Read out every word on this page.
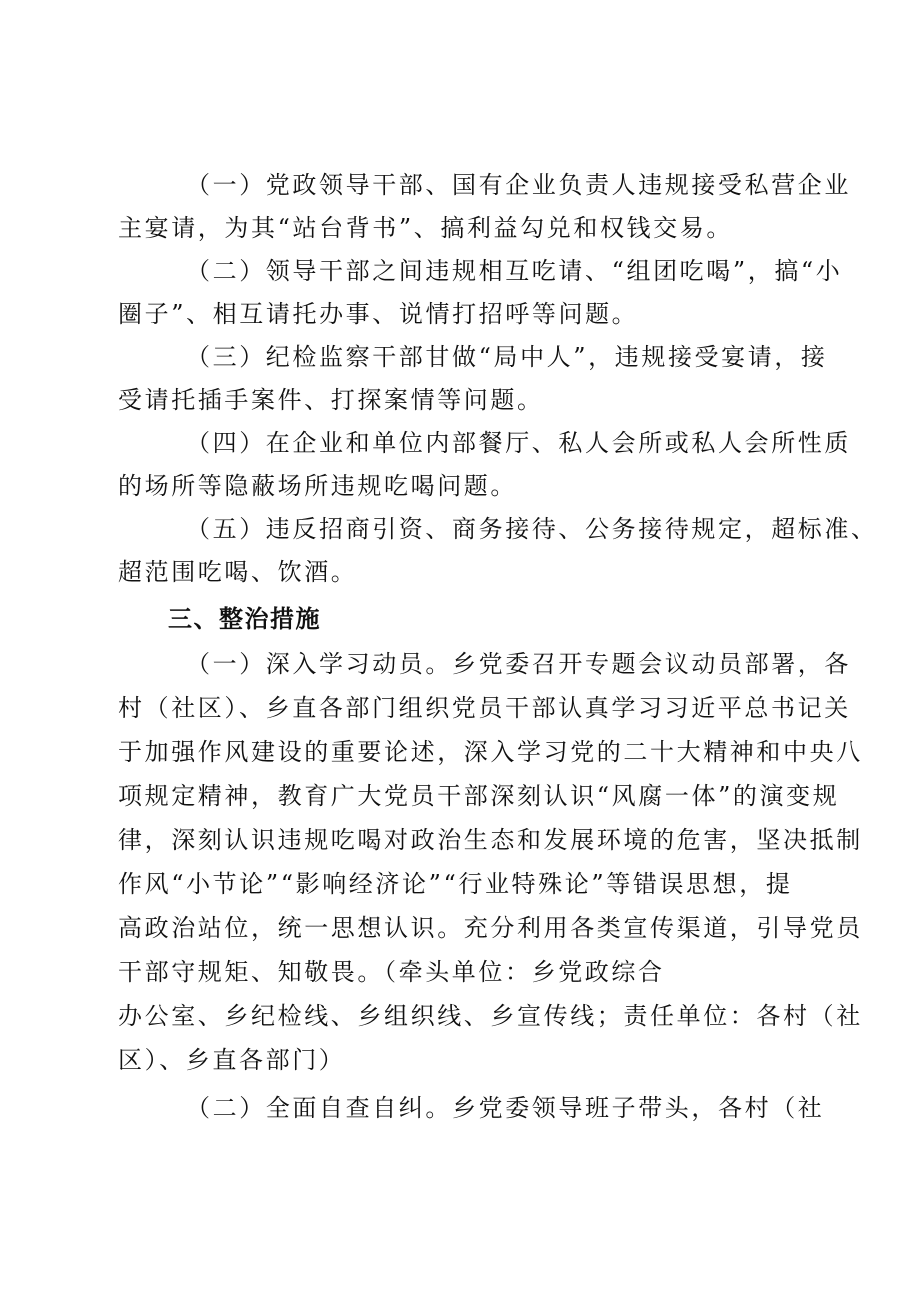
（一）党政领导干部、国有企业负责人违规接受私营企业
主宴请，为其“站台背书”、搞利益勾兑和权钱交易。
（二）领导干部之间违规相互吃请、“组团吃喝”，搞“小
圈子”、相互请托办事、说情打招呼等问题。
（三）纪检监察干部甘做“局中人”，违规接受宴请，接
受请托插手案件、打探案情等问题。
（四）在企业和单位内部餐厅、私人会所或私人会所性质
的场所等隐蔽场所违规吃喝问题。
（五）违反招商引资、商务接待、公务接待规定，超标准、
超范围吃喝、饮酒。
三、整治措施
（一）深入学习动员。乡党委召开专题会议动员部署，各
村（社区）、乡直各部门组织党员干部认真学习习近平总书记关
于加强作风建设的重要论述，深入学习党的二十大精神和中央八
项规定精神，教育广大党员干部深刻认识“风腐一体”的演变规
律，深刻认识违规吃喝对政治生态和发展环境的危害，坚决抵制
作风“小节论”“影响经济论”“行业特殊论”等错误思想，提
高政治站位，统一思想认识。充分利用各类宣传渠道，引导党员
干部守规矩、知敬畏。（牵头单位：乡党政综合
办公室、乡纪检线、乡组织线、乡宣传线；责任单位：各村（社
区）、乡直各部门）
（二）全面自查自纠。乡党委领导班子带头，各村（社
